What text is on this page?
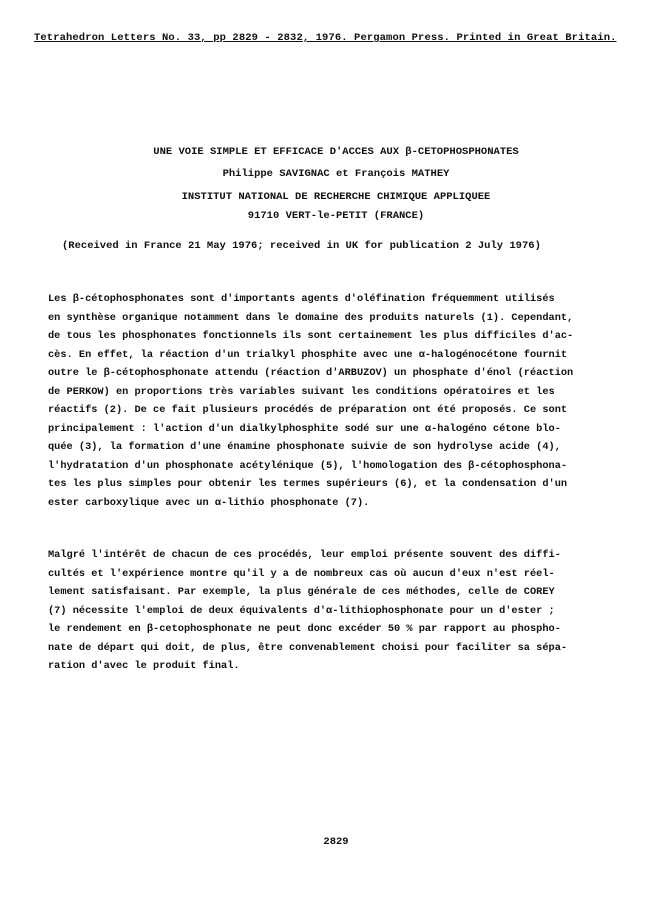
Tetrahedron Letters No. 33, pp 2829 - 2832, 1976. Pergamon Press. Printed in Great Britain.
UNE VOIE SIMPLE ET EFFICACE D'ACCES AUX β-CETOPHOSPHONATES
Philippe SAVIGNAC et François MATHEY
INSTITUT NATIONAL DE RECHERCHE CHIMIQUE APPLIQUEE
91710 VERT-le-PETIT (FRANCE)
(Received in France 21 May 1976; received in UK for publication 2 July 1976)
Les β-cétophosphonates sont d'importants agents d'oléfination fréquemment utilisés
en synthèse organique notamment dans le domaine des produits naturels (1). Cependant,
de tous les phosphonates fonctionnels ils sont certainement les plus difficiles d'ac-
cès. En effet, la réaction d'un trialkyl phosphite avec une α-halogénocétone fournit
outre le β-cétophosphonate attendu (réaction d'ARBUZOV) un phosphate d'énol (réaction
de PERKOW) en proportions très variables suivant les conditions opératoires et les
réactifs (2). De ce fait plusieurs procédés de préparation ont été proposés. Ce sont
principalement : l'action d'un dialkylphosphite sodé sur une α-halogéno cétone blo-
quée (3), la formation d'une énamine phosphonate suivie de son hydrolyse acide (4),
l'hydratation d'un phosphonate acétylénique (5), l'homologation des β-cétophosphona-
tes les plus simples pour obtenir les termes supérieurs (6), et la condensation d'un
ester carboxylique avec un α-lithio phosphonate (7).
Malgré l'intérêt de chacun de ces procédés, leur emploi présente souvent des diffi-
cultés et l'expérience montre qu'il y a de nombreux cas où aucun d'eux n'est réel-
lement satisfaisant. Par exemple, la plus générale de ces méthodes, celle de COREY
(7) nécessite l'emploi de deux équivalents d'α-lithiophosphonate pour un d'ester ;
le rendement en β-cetophosphonate ne peut donc excéder 50 % par rapport au phospho-
nate de départ qui doit, de plus, être convenablement choisi pour faciliter sa sépa-
ration d'avec le produit final.
2829
